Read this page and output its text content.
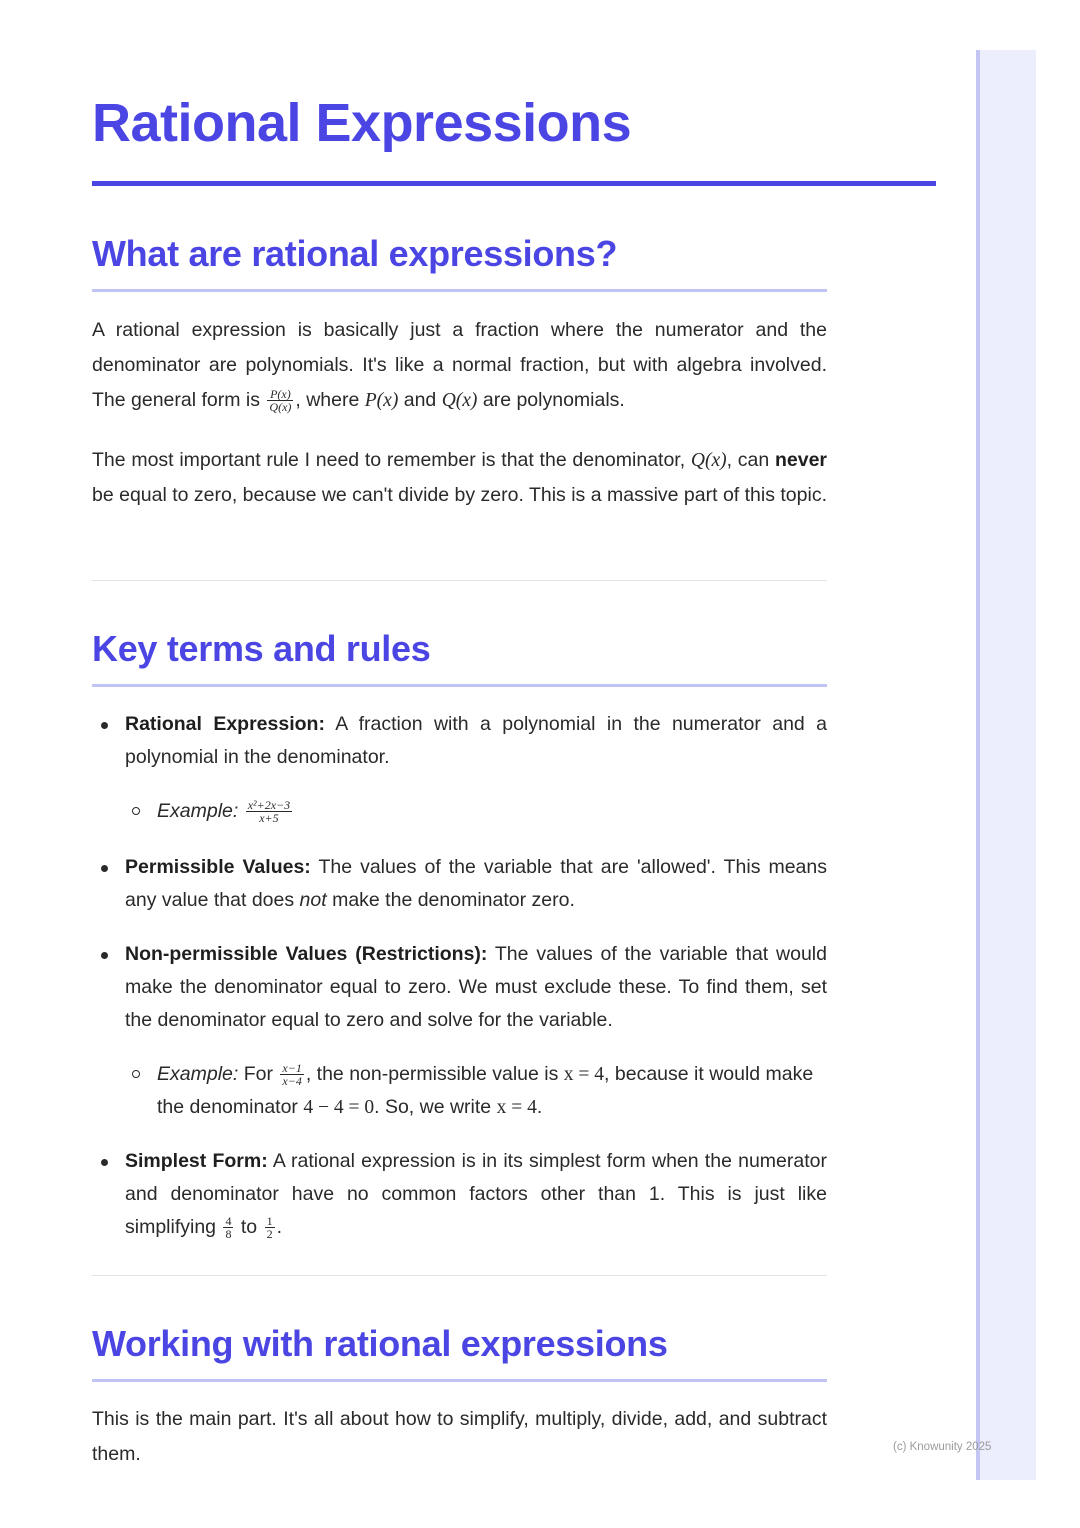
Rational Expressions
What are rational expressions?

A rational expression is basically just a fraction where the numerator and the denominator are polynomials. It's like a normal fraction, but with algebra involved. The general form is $\frac{P(x)}{Q(x)}$ , where P(x) and Q(x) are polynomials.

The most important rule I need to remember is that the denominator, Q(x), can never be equal to zero, because we can't divide by zero. This is a massive part of this topic.

Key terms and rules
Rational Expression: A fraction with a polynomial in the numerator and a polynomial in the denominator.
Example: $\frac{\text{x²+2x−3}}{x+5}$
Permissible Values: The values of the variable that are 'allowed'. This means any value that does not make the denominator zero.
Non-permissible Values (Restrictions): The values of the variable that would make the denominator equal to zero. We must exclude these. To find them, set the denominator equal to zero and solve for the variable.
Example: For $\frac{x-1}{x-4}$ , the non-permissible value is x = 4, because it would make the denominator 4 − 4 = 0. So, we write x = 4.
Simplest Form: A rational expression is in its simplest form when the numerator and denominator have no common factors other than 1. This is just like simplifying $\frac{4}{8}$ to $\frac{1}{2}$ .
Working with rational expressions

This is the main part. It's all about how to simplify, multiply, divide, add, and subtract them.	(c) Knowunity 2025
